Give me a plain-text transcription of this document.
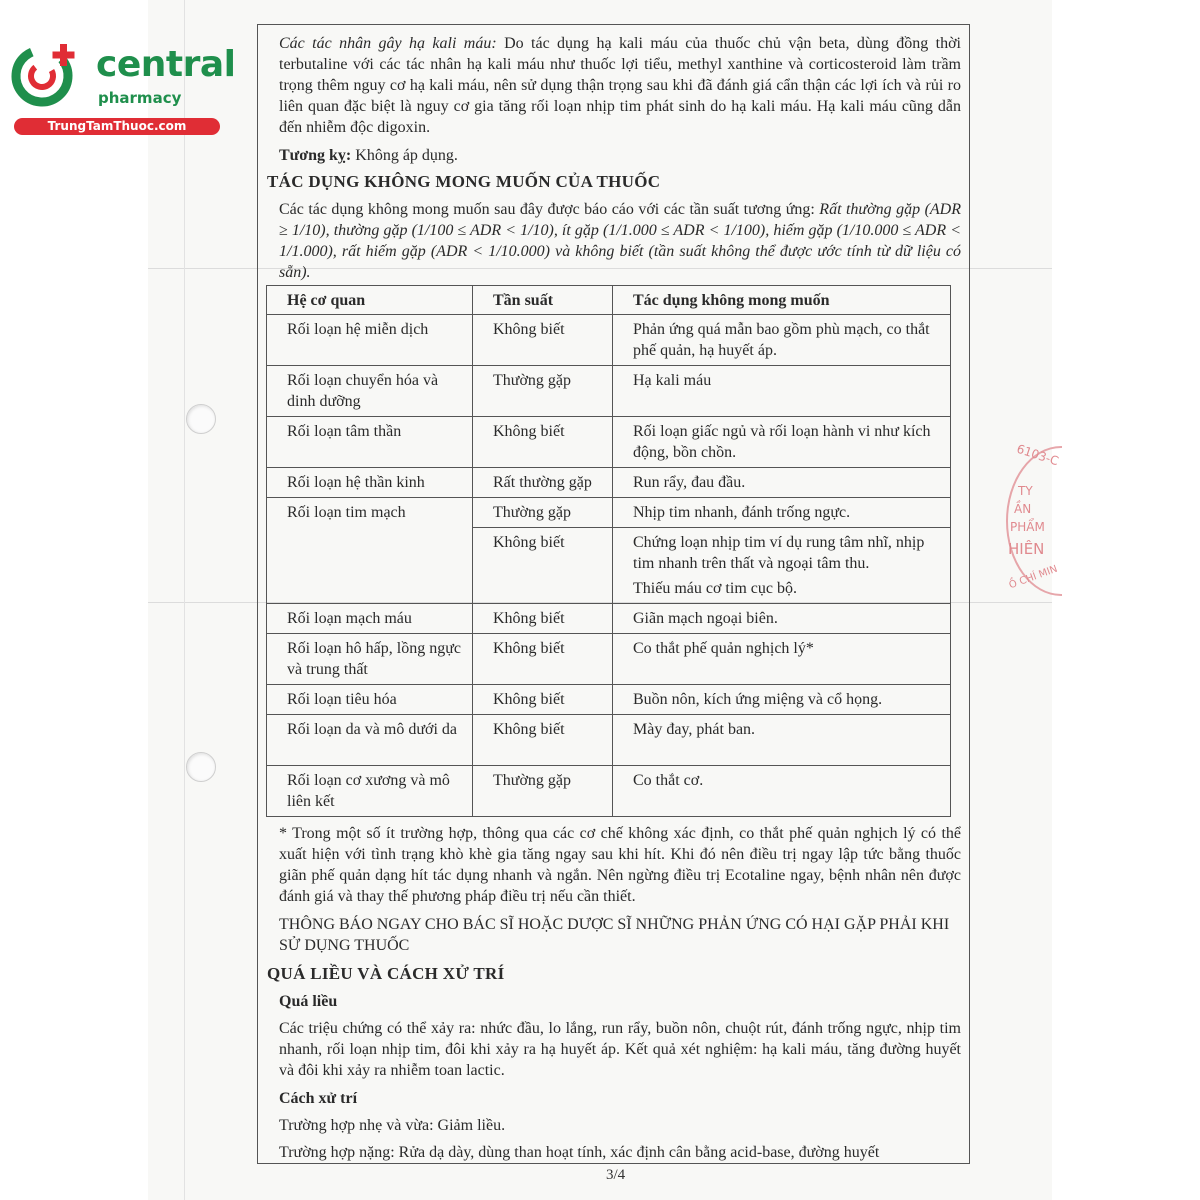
central
pharmacy
TrungTamThuoc.com
6103-C
TY
ẦN
PHẨM
HIÊN
Ồ CHÍ MIN

Các tác nhân gây hạ kali máu: Do tác dụng hạ kali máu của thuốc chủ vận beta, dùng đồng thời terbutaline với các tác nhân hạ kali máu như thuốc lợi tiểu, methyl xanthine và corticosteroid làm trầm trọng thêm nguy cơ hạ kali máu, nên sử dụng thận trọng sau khi đã đánh giá cẩn thận các lợi ích và rủi ro liên quan đặc biệt là nguy cơ gia tăng rối loạn nhịp tim phát sinh do hạ kali máu. Hạ kali máu cũng dẫn đến nhiễm độc digoxin.

Tương kỵ: Không áp dụng.

TÁC DỤNG KHÔNG MONG MUỐN CỦA THUỐC

Các tác dụng không mong muốn sau đây được báo cáo với các tần suất tương ứng: Rất thường gặp (ADR ≥ 1/10), thường gặp (1/100 ≤ ADR < 1/10), ít gặp (1/1.000 ≤ ADR < 1/100), hiếm gặp (1/10.000 ≤ ADR < 1/1.000), rất hiếm gặp (ADR < 1/10.000) và không biết (tần suất không thể được ước tính từ dữ liệu có sẵn).

Hệ cơ quan	Tần suất	Tác dụng không mong muốn
Rối loạn hệ miễn dịch	Không biết	Phản ứng quá mẫn bao gồm phù mạch, co thắt phế quản, hạ huyết áp.
Rối loạn chuyển hóa và dinh dưỡng	Thường gặp	Hạ kali máu
Rối loạn tâm thần	Không biết	Rối loạn giấc ngủ và rối loạn hành vi như kích động, bồn chồn.
Rối loạn hệ thần kinh	Rất thường gặp	Run rẩy, đau đầu.
Rối loạn tim mạch	Thường gặp	Nhịp tim nhanh, đánh trống ngực.
	Không biết	Chứng loạn nhịp tim ví dụ rung tâm nhĩ, nhịp tim nhanh trên thất và ngoại tâm thu.
Thiếu máu cơ tim cục bộ.

Rối loạn mạch máu	Không biết	Giãn mạch ngoại biên.
Rối loạn hô hấp, lồng ngực và trung thất	Không biết	Co thắt phế quản nghịch lý*
Rối loạn tiêu hóa	Không biết	Buồn nôn, kích ứng miệng và cổ họng.
Rối loạn da và mô dưới da	Không biết	Mày đay, phát ban.
Rối loạn cơ xương và mô liên kết	Thường gặp	Co thắt cơ.

* Trong một số ít trường hợp, thông qua các cơ chế không xác định, co thắt phế quản nghịch lý có thể xuất hiện với tình trạng khò khè gia tăng ngay sau khi hít. Khi đó nên điều trị ngay lập tức bằng thuốc giãn phế quản dạng hít tác dụng nhanh và ngắn. Nên ngừng điều trị Ecotaline ngay, bệnh nhân nên được đánh giá và thay thế phương pháp điều trị nếu cần thiết.

THÔNG BÁO NGAY CHO BÁC SĨ HOẶC DƯỢC SĨ NHỮNG PHẢN ỨNG CÓ HẠI GẶP PHẢI KHI SỬ DỤNG THUỐC

QUÁ LIỀU VÀ CÁCH XỬ TRÍ
Quá liều

Các triệu chứng có thể xảy ra: nhức đầu, lo lắng, run rẩy, buồn nôn, chuột rút, đánh trống ngực, nhịp tim nhanh, rối loạn nhịp tim, đôi khi xảy ra hạ huyết áp. Kết quả xét nghiệm: hạ kali máu, tăng đường huyết và đôi khi xảy ra nhiễm toan lactic.

Cách xử trí

Trường hợp nhẹ và vừa: Giảm liều.

Trường hợp nặng: Rửa dạ dày, dùng than hoạt tính, xác định cân bằng acid-base, đường huyết

3/4
